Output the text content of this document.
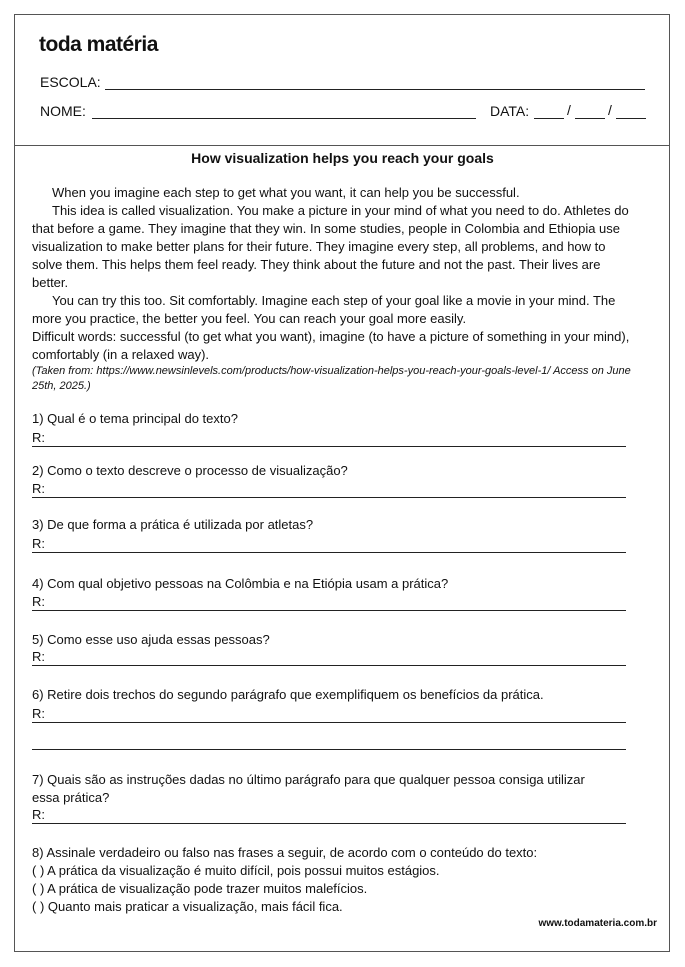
toda matéria
ESCOLA:
NOME:	DATA:	/	/
How visualization helps you reach your goals

When you imagine each step to get what you want, it can help you be successful.

This idea is called visualization. You make a picture in your mind of what you need to do. Athletes do that before a game. They imagine that they win. In some studies, people in Colombia and Ethiopia use visualization to make better plans for their future. They imagine every step, all problems, and how to solve them. This helps them feel ready. They think about the future and not the past. Their lives are better.

You can try this too. Sit comfortably. Imagine each step of your goal like a movie in your mind. The more you practice, the better you feel. You can reach your goal more easily.

Difficult words: successful (to get what you want), imagine (to have a picture of something in your mind), comfortably (in a relaxed way).

(Taken from: https://www.newsinlevels.com/products/how-visualization-helps-you-reach-your-goals-level-1/ Access on June 25th, 2025.)

1) Qual é o tema principal do texto?
R:
2) Como o texto descreve o processo de visualização?
R:
3) De que forma a prática é utilizada por atletas?
R:
4) Com qual objetivo pessoas na Colômbia e na Etiópia usam a prática?
R:
5) Como esse uso ajuda essas pessoas?
R:
6) Retire dois trechos do segundo parágrafo que exemplifiquem os benefícios da prática.
R:
7) Quais são as instruções dadas no último parágrafo para que qualquer pessoa consiga utilizar essa prática?
R:
8) Assinale verdadeiro ou falso nas frases a seguir, de acordo com o conteúdo do texto:
( ) A prática da visualização é muito difícil, pois possui muitos estágios.
( ) A prática de visualização pode trazer muitos malefícios.
( ) Quanto mais praticar a visualização, mais fácil fica.
www.todamateria.com.br
